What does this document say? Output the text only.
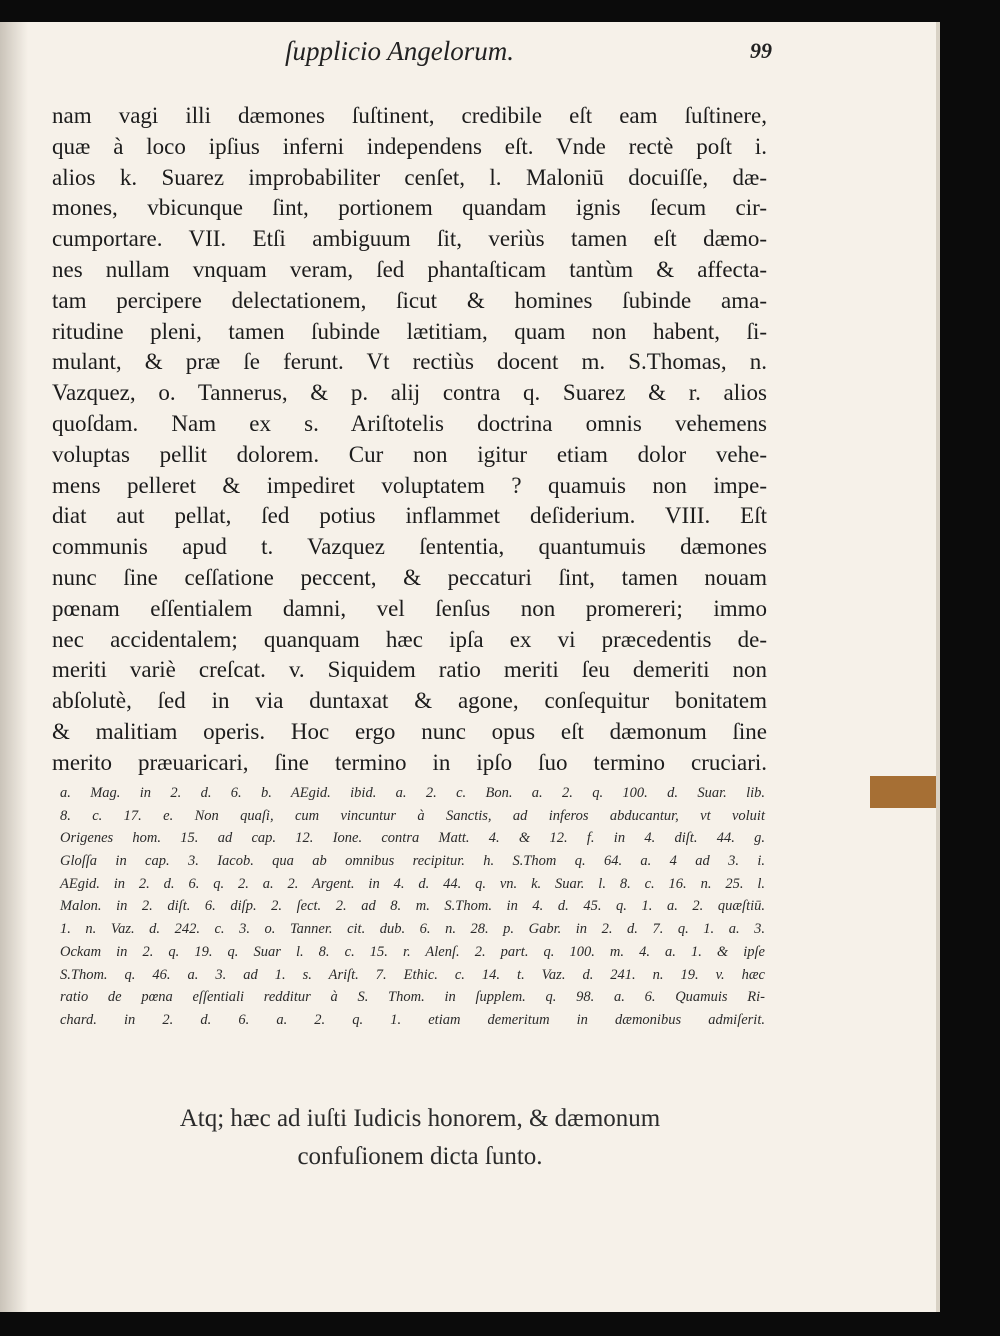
ſupplicio Angelorum.	99
nam vagi illi dæmones ſuſtinent, credibile eſt eam ſuſtinere,
quæ à loco ipſius inferni independens eſt. Vnde rectè poſt i.
alios k. Suarez improbabiliter cenſet, l. Maloniū docuiſſe, dæ-
mones, vbicunque ſint, portionem quandam ignis ſecum cir-
cumportare. VII. Etſi ambiguum ſit, veriùs tamen eſt dæmo-
nes nullam vnquam veram, ſed phantaſticam tantùm & affecta-
tam percipere delectationem, ſicut & homines ſubinde ama-
ritudine pleni, tamen ſubinde lætitiam, quam non habent, ſi-
mulant, & præ ſe ferunt. Vt rectiùs docent m. S.Thomas, n.
Vazquez, o. Tannerus, & p. alij contra q. Suarez & r. alios
quoſdam. Nam ex s. Ariſtotelis doctrina omnis vehemens
voluptas pellit dolorem. Cur non igitur etiam dolor vehe-
mens pelleret & impediret voluptatem ? quamuis non impe-
diat aut pellat, ſed potius inflammet deſiderium. VIII. Eſt
communis apud t. Vazquez ſententia, quantumuis dæmones
nunc ſine ceſſatione peccent, & peccaturi ſint, tamen nouam
pœnam eſſentialem damni, vel ſenſus non promereri; immo
nec accidentalem; quanquam hæc ipſa ex vi præcedentis de-
meriti variè creſcat. v. Siquidem ratio meriti ſeu demeriti non
abſolutè, ſed in via duntaxat & agone, conſequitur bonitatem
& malitiam operis. Hoc ergo nunc opus eſt dæmonum ſine
merito præuaricari, ſine termino in ipſo ſuo termino cruciari.
a. Mag. in 2. d. 6. b. AEgid. ibid. a. 2. c. Bon. a. 2. q. 100. d. Suar. lib.
8. c. 17. e. Non quaſi, cum vincuntur à Sanctis, ad inferos abducantur, vt voluit
Origenes hom. 15. ad cap. 12. Ione. contra Matt. 4. & 12. f. in 4. diſt. 44. g.
Gloſſa in cap. 3. Iacob. qua ab omnibus recipitur. h. S.Thom q. 64. a. 4 ad 3. i.
AEgid. in 2. d. 6. q. 2. a. 2. Argent. in 4. d. 44. q. vn. k. Suar. l. 8. c. 16. n. 25. l.
Malon. in 2. diſt. 6. diſp. 2. ſect. 2. ad 8. m. S.Thom. in 4. d. 45. q. 1. a. 2. quæſtiū.
1. n. Vaz. d. 242. c. 3. o. Tanner. cit. dub. 6. n. 28. p. Gabr. in 2. d. 7. q. 1. a. 3.
Ockam in 2. q. 19. q. Suar l. 8. c. 15. r. Alenſ. 2. part. q. 100. m. 4. a. 1. & ipſe
S.Thom. q. 46. a. 3. ad 1. s. Ariſt. 7. Ethic. c. 14. t. Vaz. d. 241. n. 19. v. hæc
ratio de pœna eſſentiali redditur à S. Thom. in ſupplem. q. 98. a. 6. Quamuis Ri-
chard. in 2. d. 6. a. 2. q. 1. etiam demeritum in dæmonibus admiſerit.
Atq; hæc ad iuſti Iudicis honorem, & dæmonum
confuſionem dicta ſunto.
